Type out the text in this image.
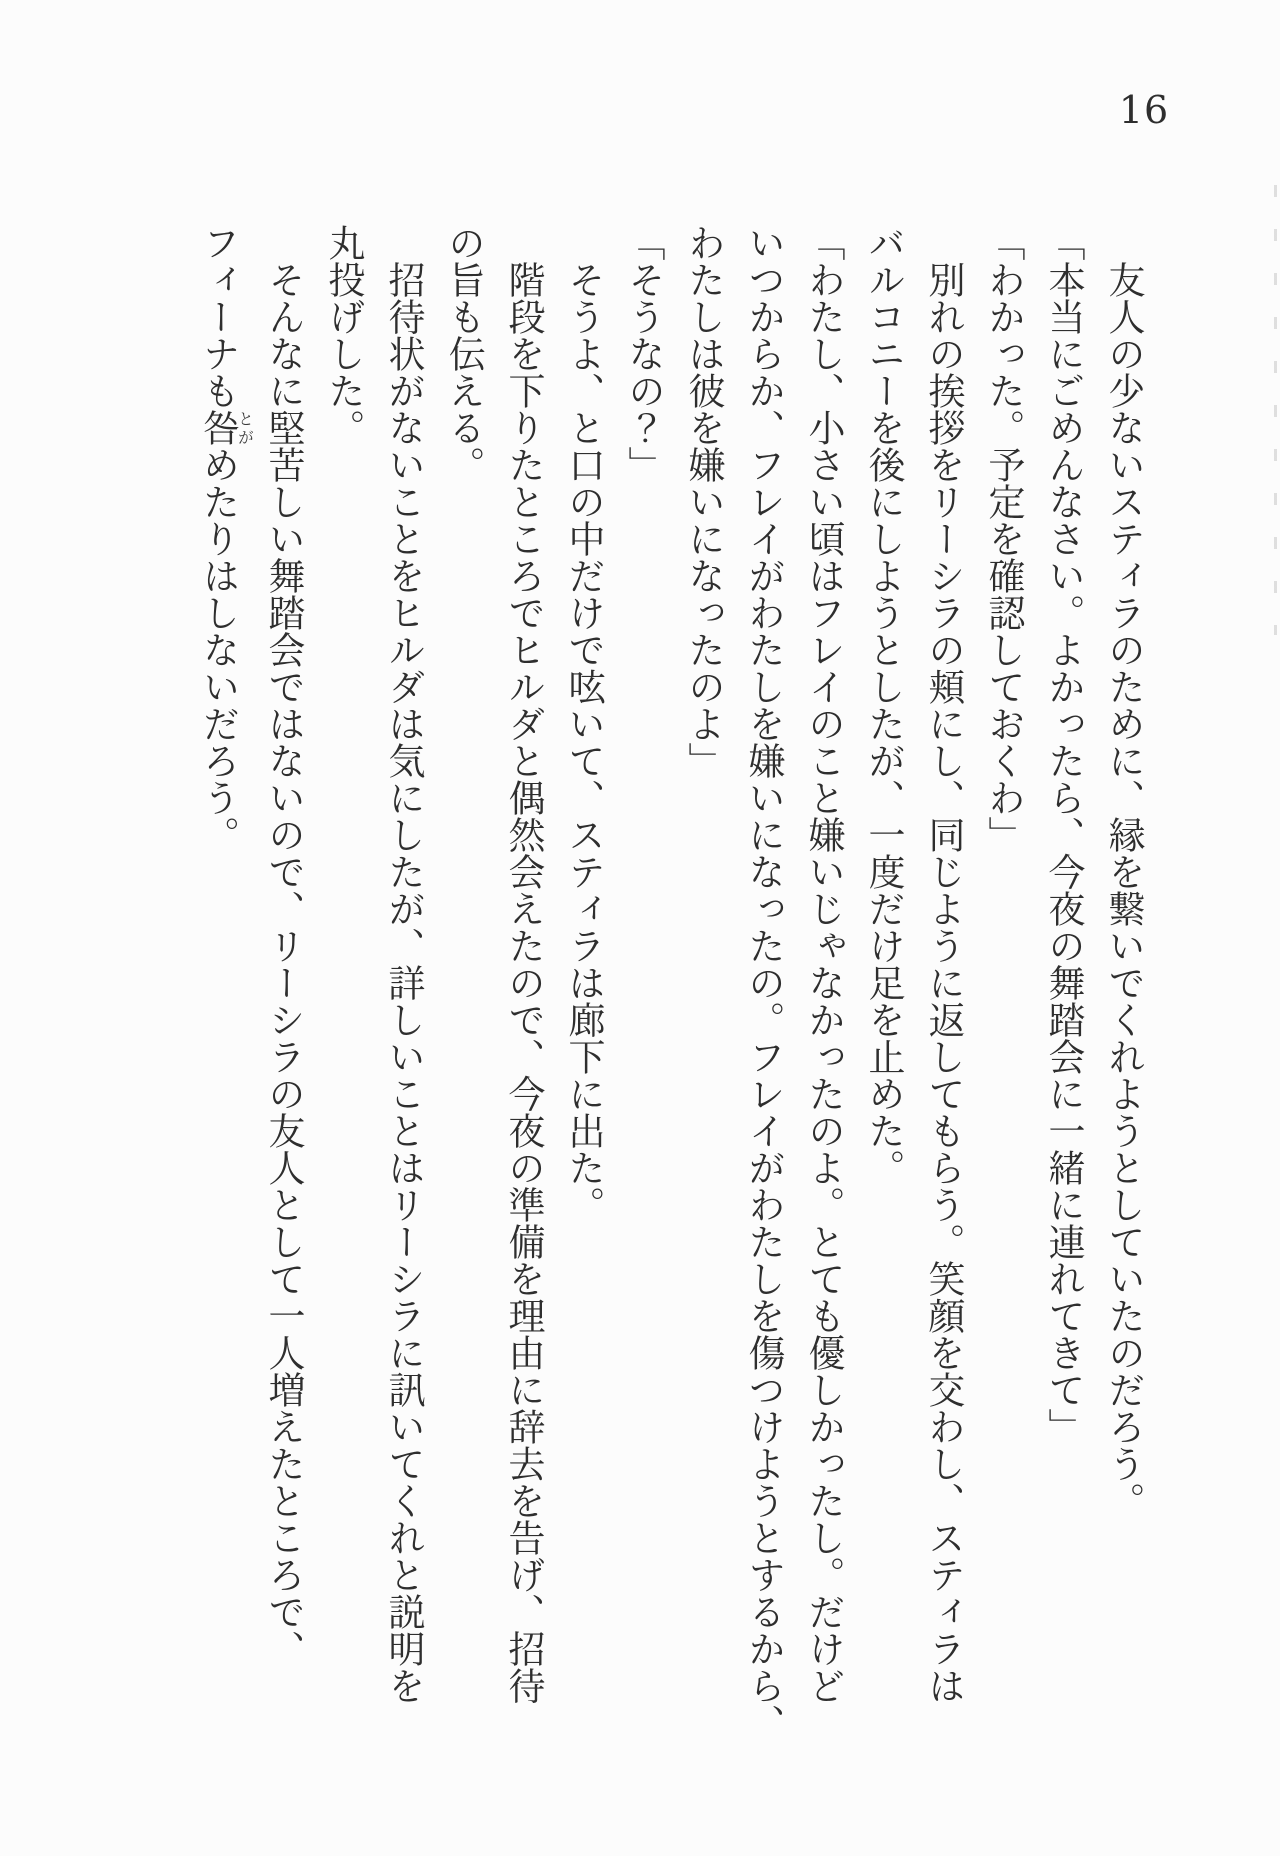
16
　友人の少ないスティラのために、縁を繋いでくれようとしていたのだろう。
「本当にごめんなさい。よかったら、今夜の舞踏会に一緒に連れてきて」
「わかった。予定を確認しておくわ」
　別れの挨拶をリーシラの頬にし、同じように返してもらう。笑顔を交わし、スティラは
バルコニーを後にしようとしたが、一度だけ足を止めた。
「わたし、小さい頃はフレイのこと嫌いじゃなかったのよ。とても優しかったし。だけど
いつからか、フレイがわたしを嫌いになったの。フレイがわたしを傷つけようとするから、
わたしは彼を嫌いになったのよ」
「そうなの？」
　そうよ、と口の中だけで呟いて、スティラは廊下に出た。
　階段を下りたところでヒルダと偶然会えたので、今夜の準備を理由に辞去を告げ、招待
の旨も伝える。
　招待状がないことをヒルダは気にしたが、詳しいことはリーシラに訊いてくれと説明を
丸投げした。
　そんなに堅苦しい舞踏会ではないので、リーシラの友人として一人増えたところで、
フィーナも咎とがめたりはしないだろう。
